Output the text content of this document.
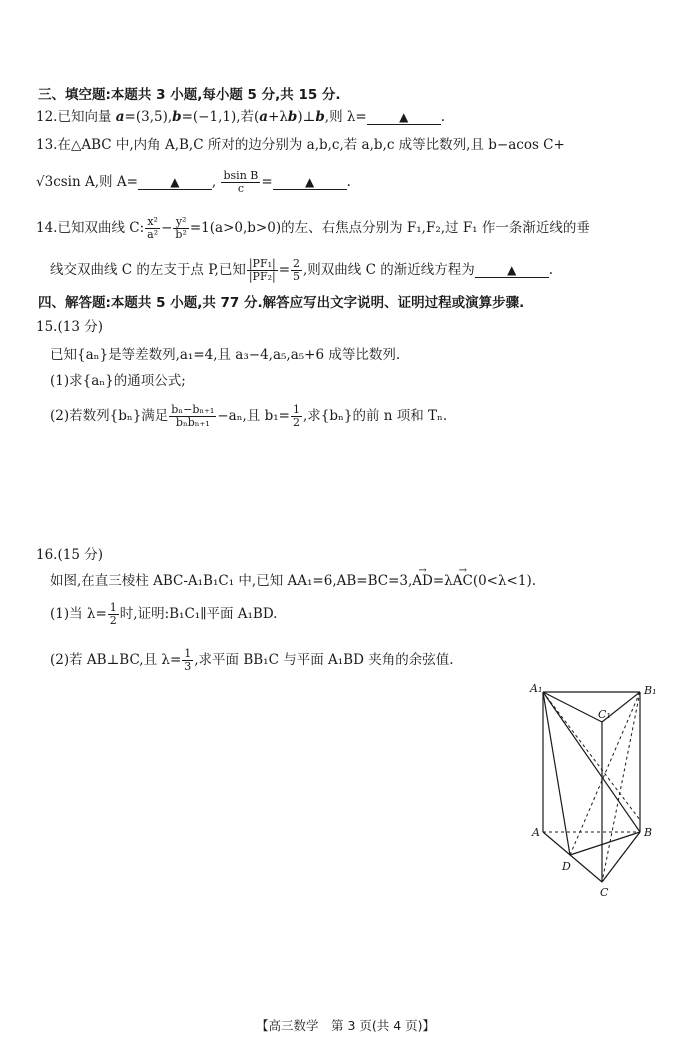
三、填空题:本题共 3 小题,每小题 5 分,共 15 分.
12.已知向量 a=(3,5),b=(−1,1),若(a+λb)⊥b,则 λ=	▲ .
13.在△ABC 中,内角 A,B,C 所对的边分别为 a,b,c,若 a,b,c 成等比数列,且 b−acos C+
√3csin A,则 A=	▲ , $\frac{\text{bsin B}}{c}$ =	▲ .
14.已知双曲线 C: $\frac{\text{x²}}{\text{a²}} - \frac{\text{y²}}{\text{b²}} =1(a>0,b>0)$的左、右焦点分别为 F₁,F₂,过 F₁ 作一条渐近线的垂
线交双曲线 C 的左支于点 P,已知 $\frac{\text{|PF₁|}}{\text{|PF₂|}} = \frac{2}{5}$ ,则双曲线 C 的渐近线方程为	▲ .
四、解答题:本题共 5 小题,共 77 分.解答应写出文字说明、证明过程或演算步骤.
15.(13 分)
已知{aₙ}是等差数列,a₁=4,且 a₃−4,a₅,a₅+6 成等比数列.
(1)求{aₙ}的通项公式;
(2)若数列{bₙ}满足 $\frac{\text{bₙ−bₙ₊₁}}{\text{bₙbₙ₊₁}} -a_n$,且 $b_1= \frac{1}{2}$ ,求{bₙ}的前 n 项和 Tₙ.
16.(15 分)
如图,在直三棱柱 ABC-A₁B₁C₁ 中,已知 AA₁=6,AB=BC=3,→ AD=λ→ AC(0<λ<1).
(1)当 $\lambda= \frac{1}{2}$ 时,证明:B₁C₁∥平面 A₁BD.
(2)若 AB⊥BC,且 $\lambda= \frac{1}{3}$ ,求平面 BB₁C 与平面 A₁BD 夹角的余弦值.
A₁	B₁
C₁
A	B
D
C
【高三数学　第 3 页(共 4 页)】
